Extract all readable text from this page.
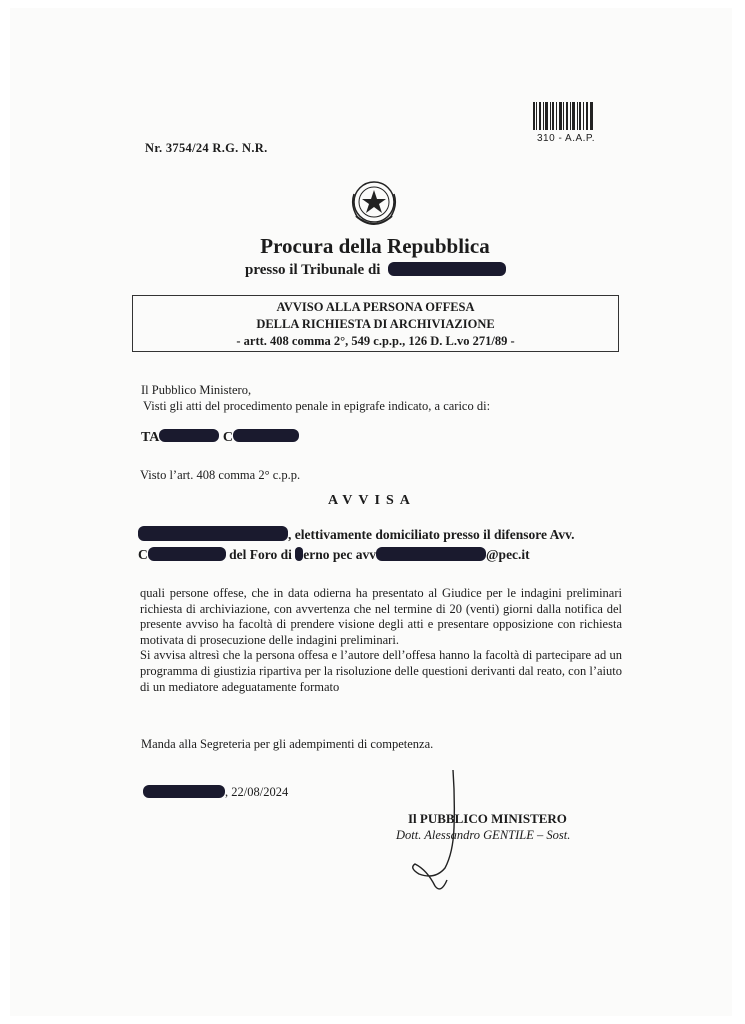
Nr. 3754/24 R.G. N.R.
310 - A.A.P.
Procura della Repubblica
presso il Tribunale di
AVVISO ALLA PERSONA OFFESA
DELLA RICHIESTA DI ARCHIVIAZIONE
- artt. 408 comma 2°, 549 c.p.p., 126 D. L.vo 271/89 -
Il Pubblico Ministero,
Visti gli atti del procedimento penale in epigrafe indicato, a carico di:
TA	C
Visto l’art. 408 comma 2° c.p.p.
AVVISA
, elettivamente domiciliato presso il difensore Avv.
C	del Foro di erno pec avv	@pec.it

quali persone offese, che in data odierna ha presentato al Giudice per le indagini preliminari richiesta di archiviazione, con avvertenza che nel termine di 20 (venti) giorni dalla notifica del presente avviso ha facoltà di prendere visione degli atti e presentare opposizione con richiesta motivata di prosecuzione delle indagini preliminari.

Si avvisa altresì che la persona offesa e l’autore dell’offesa hanno la facoltà di partecipare ad un programma di giustizia ripartiva per la risoluzione delle questioni derivanti dal reato, con l’aiuto di un mediatore adeguatamente formato

Manda alla Segreteria per gli adempimenti di competenza.
, 22/08/2024
Il PUBBLICO MINISTERO
Dott. Alessandro GENTILE – Sost.
